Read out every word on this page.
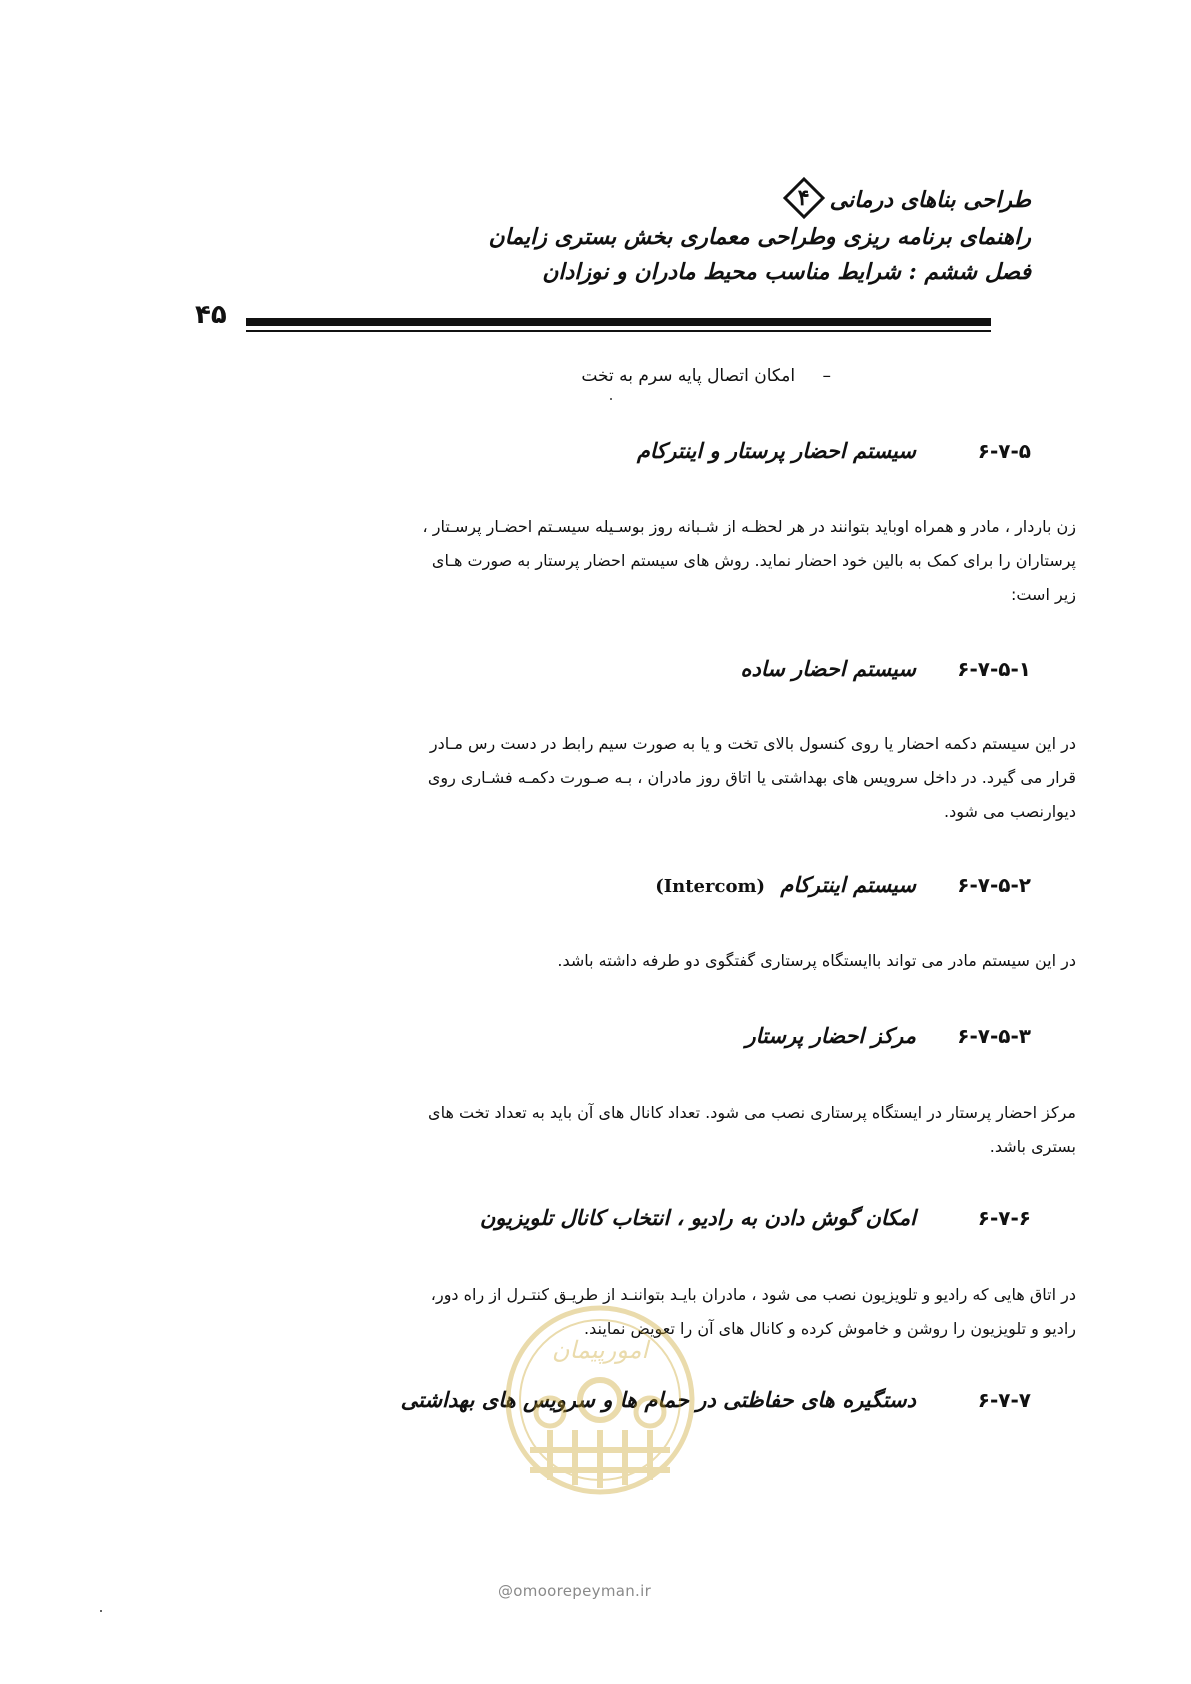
طراحی بناهای درمانی
۴
راهنمای برنامه ریزی وطراحی معماری بخش بستری زایمان
فصل ششم : شرایط مناسب محیط مادران و نوزادان
۴۵
– امکان اتصال پایه سرم به تخت
۶-۷-۵
سیستم احضار پرستار و اینترکام
زن باردار ، مادر و همراه اوباید بتوانند در هر لحظـه از شـبانه روز بوسـیله سیسـتم احضـار پرسـتار ،
پرستاران را برای کمک به بالین خود احضار نماید. روش های سیستم احضار پرستار به صورت هـای
زیر است:
۶-۷-۵-۱
سیستم احضار ساده
در این سیستم دکمه احضار یا روی کنسول بالای تخت و یا به صورت سیم رابط در دست رس مـادر
قرار می گیرد. در داخل سرویس های بهداشتی یا اتاق روز مادران ، بـه صـورت دکمـه فشـاری روی
دیوارنصب می شود.
۶-۷-۵-۲
سیستم اینترکام (Intercom)
در این سیستم مادر می تواند باایستگاه پرستاری گفتگوی دو طرفه داشته باشد.
۶-۷-۵-۳
مرکز احضار پرستار
مرکز احضار پرستار در ایستگاه پرستاری نصب می شود. تعداد کانال های آن باید به تعداد تخت های
بستری باشد.
۶-۷-۶
امکان گوش دادن به رادیو ، انتخاب کانال تلویزیون
در اتاق هایی که رادیو و تلویزیون نصب می شود ، مادران بایـد بتواننـد از طریـق کنتـرل از راه دور،
رادیو و تلویزیون را روشن و خاموش کرده و کانال های آن را تعویض نمایند.
۶-۷-۷
دستگیره های حفاظتی در حمام ها و سرویس های بهداشتی
امورپیمان
@omoorepeyman.ir
